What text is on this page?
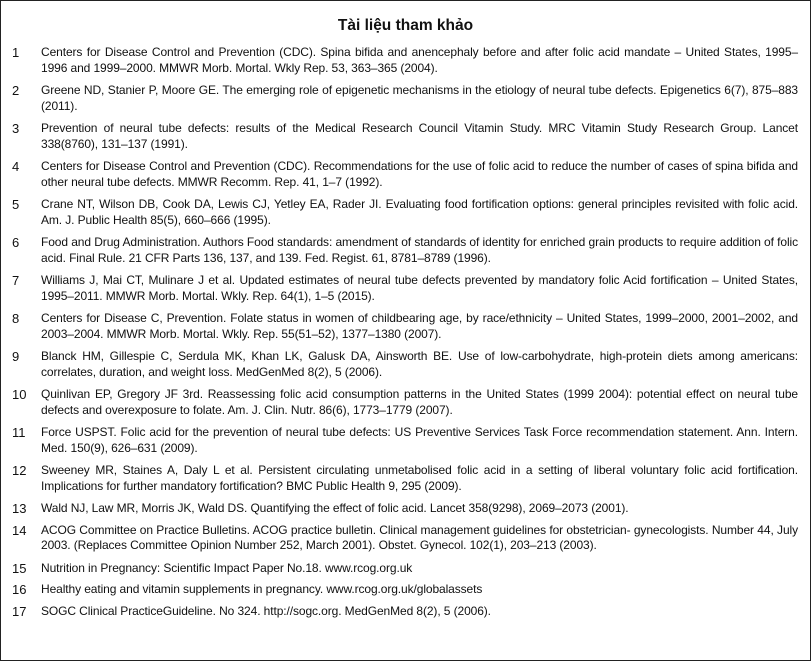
Tài liệu tham khảo
1 Centers for Disease Control and Prevention (CDC). Spina bifida and anencephaly before and after folic acid mandate – United States, 1995–1996 and 1999–2000. MMWR Morb. Mortal. Wkly Rep. 53, 363–365 (2004).
2 Greene ND, Stanier P, Moore GE. The emerging role of epigenetic mechanisms in the etiology of neural tube defects. Epigenetics 6(7), 875–883 (2011).
3 Prevention of neural tube defects: results of the Medical Research Council Vitamin Study. MRC Vitamin Study Research Group. Lancet 338(8760), 131–137 (1991).
4 Centers for Disease Control and Prevention (CDC). Recommendations for the use of folic acid to reduce the number of cases of spina bifida and other neural tube defects. MMWR Recomm. Rep. 41, 1–7 (1992).
5 Crane NT, Wilson DB, Cook DA, Lewis CJ, Yetley EA, Rader JI. Evaluating food fortification options: general principles revisited with folic acid. Am. J. Public Health 85(5), 660–666 (1995).
6 Food and Drug Administration. Authors Food standards: amendment of standards of identity for enriched grain products to require addition of folic acid. Final Rule. 21 CFR Parts 136, 137, and 139. Fed. Regist. 61, 8781–8789 (1996).
7 Williams J, Mai CT, Mulinare J et al. Updated estimates of neural tube defects prevented by mandatory folic Acid fortification – United States, 1995–2011. MMWR Morb. Mortal. Wkly. Rep. 64(1), 1–5 (2015).
8 Centers for Disease C, Prevention. Folate status in women of childbearing age, by race/ethnicity – United States, 1999–2000, 2001–2002, and 2003–2004. MMWR Morb. Mortal. Wkly. Rep. 55(51–52), 1377–1380 (2007).
9 Blanck HM, Gillespie C, Serdula MK, Khan LK, Galusk DA, Ainsworth BE. Use of low-carbohydrate, high-protein diets among americans: correlates, duration, and weight loss. MedGenMed 8(2), 5 (2006).
10 Quinlivan EP, Gregory JF 3rd. Reassessing folic acid consumption patterns in the United States (1999 2004): potential effect on neural tube defects and overexposure to folate. Am. J. Clin. Nutr. 86(6), 1773–1779 (2007).
11 Force USPST. Folic acid for the prevention of neural tube defects: US Preventive Services Task Force recommendation statement. Ann. Intern. Med. 150(9), 626–631 (2009).
12 Sweeney MR, Staines A, Daly L et al. Persistent circulating unmetabolised folic acid in a setting of liberal voluntary folic acid fortification. Implications for further mandatory fortification? BMC Public Health 9, 295 (2009).
13 Wald NJ, Law MR, Morris JK, Wald DS. Quantifying the effect of folic acid. Lancet 358(9298), 2069–2073 (2001).
14 ACOG Committee on Practice Bulletins. ACOG practice bulletin. Clinical management guidelines for obstetrician- gynecologists. Number 44, July 2003. (Replaces Committee Opinion Number 252, March 2001). Obstet. Gynecol. 102(1), 203–213 (2003).
15 Nutrition in Pregnancy: Scientific Impact Paper No.18. www.rcog.org.uk
16 Healthy eating and vitamin supplements in pregnancy. www.rcog.org.uk/globalassets
17 SOGC Clinical PracticeGuideline. No 324. http://sogc.org. MedGenMed 8(2), 5 (2006).
